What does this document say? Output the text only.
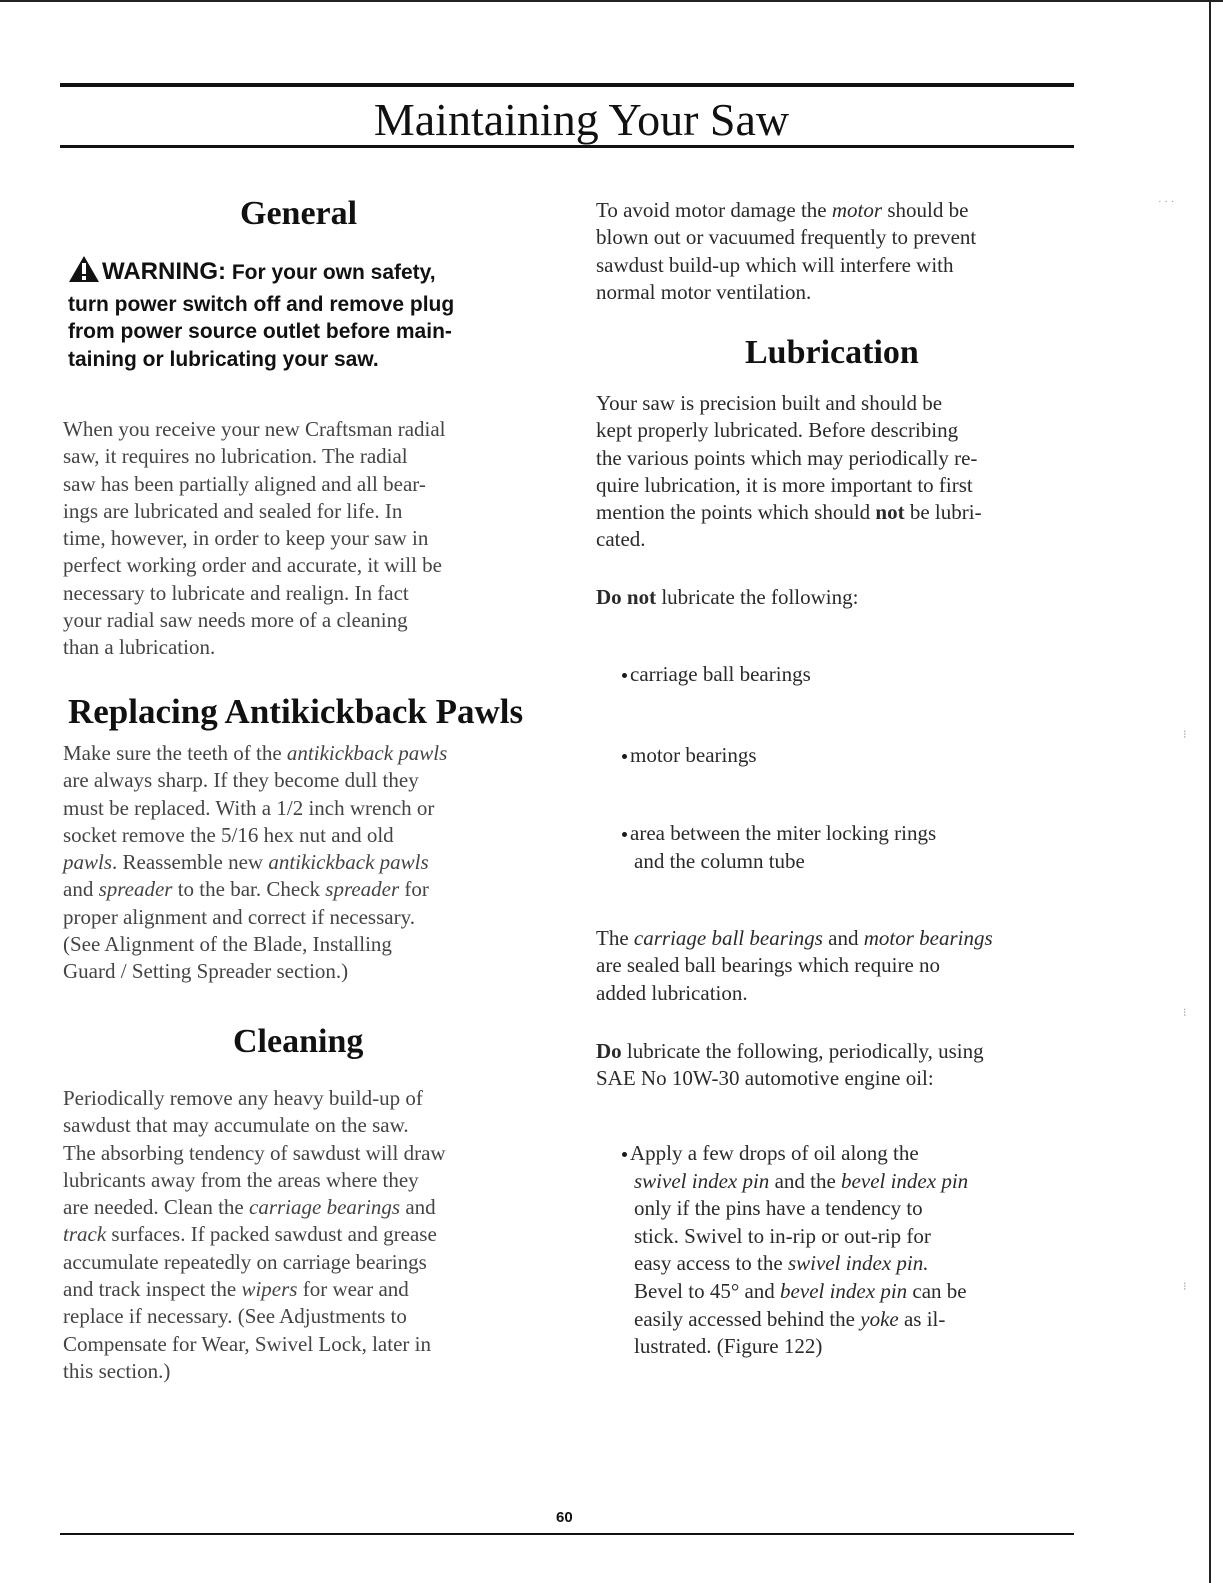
Maintaining Your Saw
General
WARNING: For your own safety,
turn power switch off and remove plug
from power source outlet before main-
taining or lubricating your saw.
When you receive your new Craftsman radial
saw, it requires no lubrication. The radial
saw has been partially aligned and all bear-
ings are lubricated and sealed for life. In
time, however, in order to keep your saw in
perfect working order and accurate, it will be
necessary to lubricate and realign. In fact
your radial saw needs more of a cleaning
than a lubrication.
Replacing Antikickback Pawls
Make sure the teeth of the antikickback pawls
are always sharp. If they become dull they
must be replaced. With a 1/2 inch wrench or
socket remove the 5/16 hex nut and old
pawls. Reassemble new antikickback pawls
and spreader to the bar. Check spreader for
proper alignment and correct if necessary.
(See Alignment of the Blade, Installing
Guard / Setting Spreader section.)
Cleaning
Periodically remove any heavy build-up of
sawdust that may accumulate on the saw.
The absorbing tendency of sawdust will draw
lubricants away from the areas where they
are needed. Clean the carriage bearings and
track surfaces. If packed sawdust and grease
accumulate repeatedly on carriage bearings
and track inspect the wipers for wear and
replace if necessary. (See Adjustments to
Compensate for Wear, Swivel Lock, later in
this section.)
To avoid motor damage the motor should be
blown out or vacuumed frequently to prevent
sawdust build-up which will interfere with
normal motor ventilation.
Lubrication
Your saw is precision built and should be
kept properly lubricated. Before describing
the various points which may periodically re-
quire lubrication, it is more important to first
mention the points which should not be lubri-
cated.
Do not lubricate the following:
carriage ball bearings
motor bearings
area between the miter locking rings
and the column tube
The carriage ball bearings and motor bearings
are sealed ball bearings which require no
added lubrication.
Do lubricate the following, periodically, using
SAE No 10W-30 automotive engine oil:
Apply a few drops of oil along the
swivel index pin and the bevel index pin
only if the pins have a tendency to
stick. Swivel to in-rip or out-rip for
easy access to the swivel index pin.
Bevel to 45° and bevel index pin can be
easily accessed behind the yoke as il-
lustrated. (Figure 122)
60
· · ·
⁝
⁝
⁝
